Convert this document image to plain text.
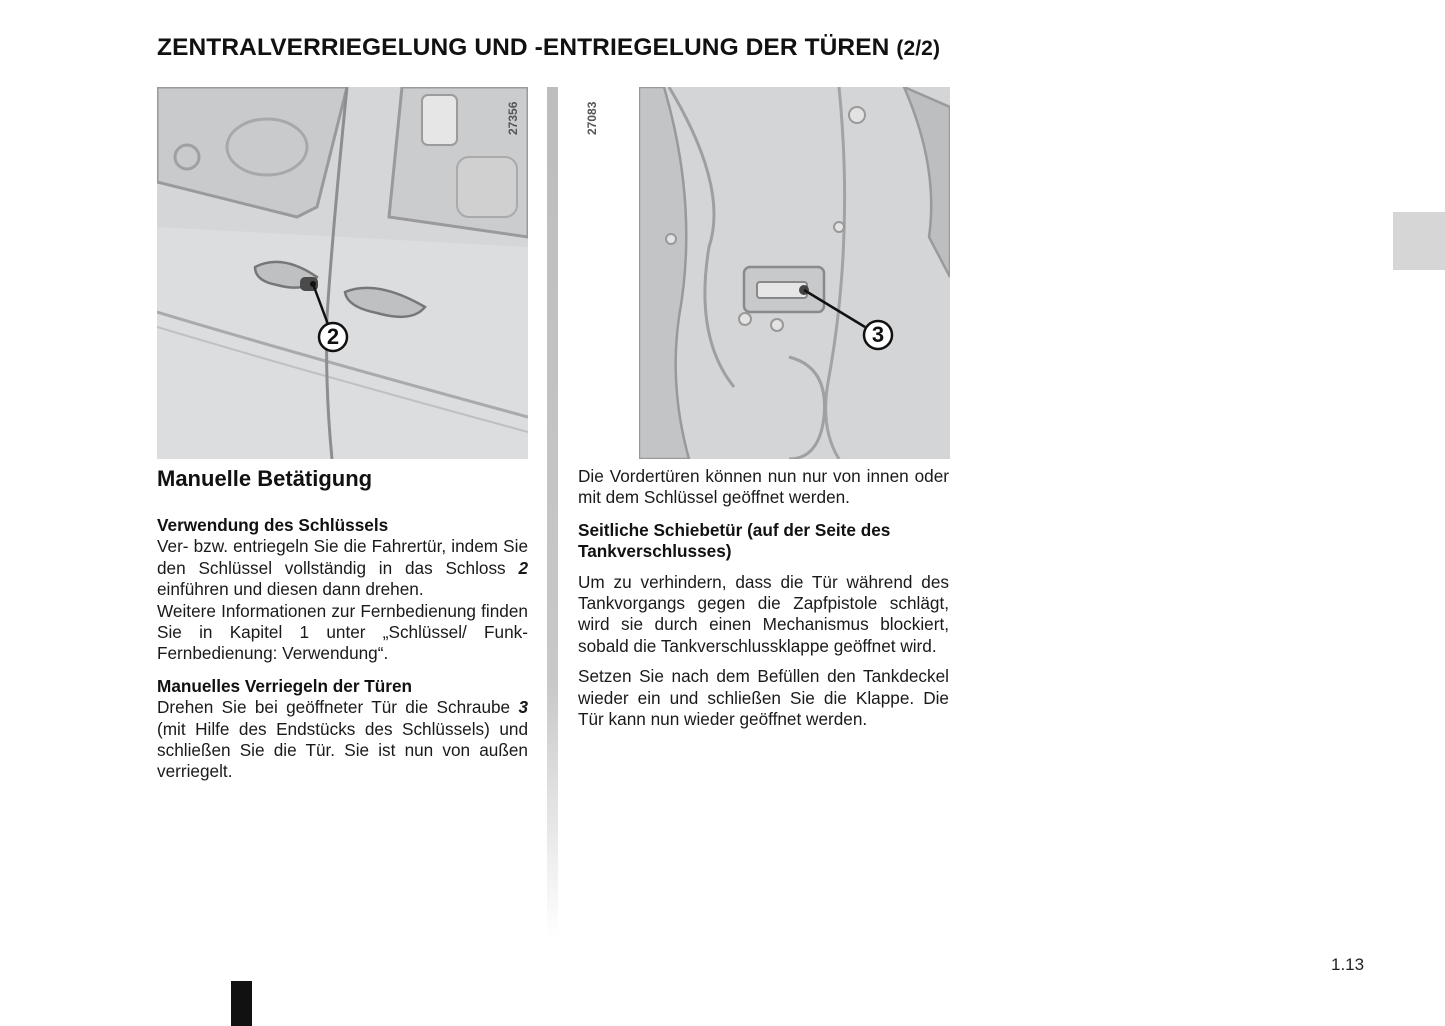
ZENTRALVERRIEGELUNG UND -ENTRIEGELUNG DER TÜREN (2/2)
2
27356
3
27083
Manuelle Betätigung
Verwendung des Schlüssels

Ver- bzw. entriegeln Sie die Fahrertür, indem Sie den Schlüssel vollständig in das Schloss 2 einführen und diesen dann drehen.

Weitere Informationen zur Fernbedienung finden Sie in Kapitel 1 unter „Schlüssel/ Funk-Fernbedienung: Verwendung“.

Manuelles Verriegeln der Türen

Drehen Sie bei geöffneter Tür die Schraube 3 (mit Hilfe des Endstücks des Schlüssels) und schließen Sie die Tür. Sie ist nun von außen verriegelt.

Die Vordertüren können nun nur von innen oder mit dem Schlüssel geöffnet werden.

Seitliche Schiebetür (auf der Seite des Tankverschlusses)

Um zu verhindern, dass die Tür während des Tankvorgangs gegen die Zapfpistole schlägt, wird sie durch einen Mechanismus blockiert, sobald die Tankverschlussklappe geöffnet wird.

Setzen Sie nach dem Befüllen den Tankdeckel wieder ein und schließen Sie die Klappe. Die Tür kann nun wieder geöffnet werden.

1.13
